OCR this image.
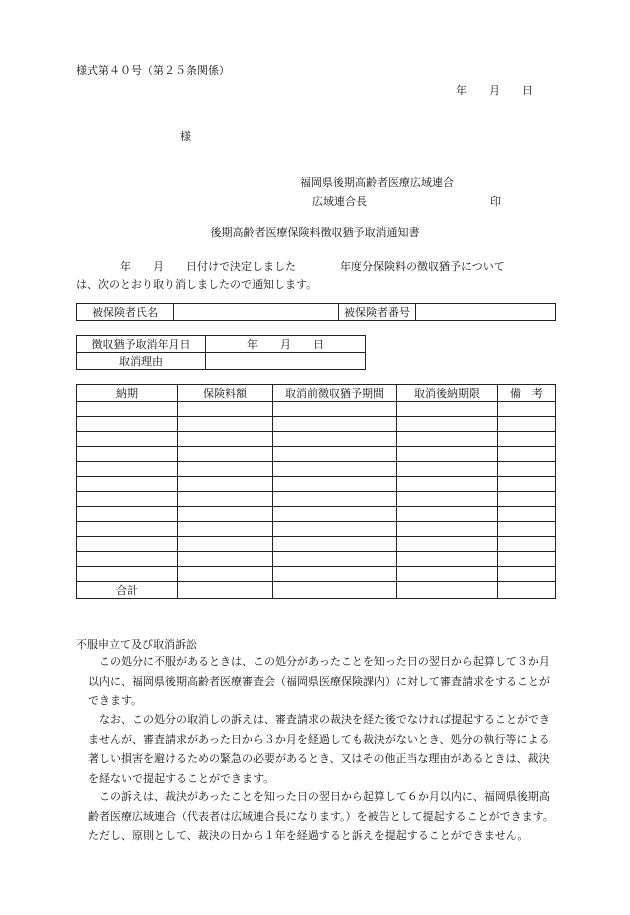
様式第４０号（第２５条関係）
年　　月　　日
様
福岡県後期高齢者医療広域連合
広域連合長	印
後期高齢者医療保険料徴収猶予取消通知書
　　　　年　　月　　日付けで決定しました　　　　年度分保険料の徴収猶予について
は、次のとおり取り消しましたので通知します。
被保険者氏名		被保険者番号	
徴収猶予取消年月日	年　　月　　日
取消理由	
納期	保険料額	取消前徴収猶予期間	取消後納期限	備　考

合計				
不服申立て及び取消訴訟
　この処分に不服があるときは、この処分があったことを知った日の翌日から起算して３か月以内に、福岡県後期高齢者医療審査会（福岡県医療保険課内）に対して審査請求をすることができます。
　なお、この処分の取消しの訴えは、審査請求の裁決を経た後でなければ提起することができませんが、審査請求があった日から３か月を経過しても裁決がないとき、処分の執行等による著しい損害を避けるための緊急の必要があるとき、又はその他正当な理由があるときは、裁決を経ないで提起することができます。
　この訴えは、裁決があったことを知った日の翌日から起算して６か月以内に、福岡県後期高齢者医療広域連合（代表者は広域連合長になります。）を被告として提起することができます。ただし、原則として、裁決の日から１年を経過すると訴えを提起することができません。
